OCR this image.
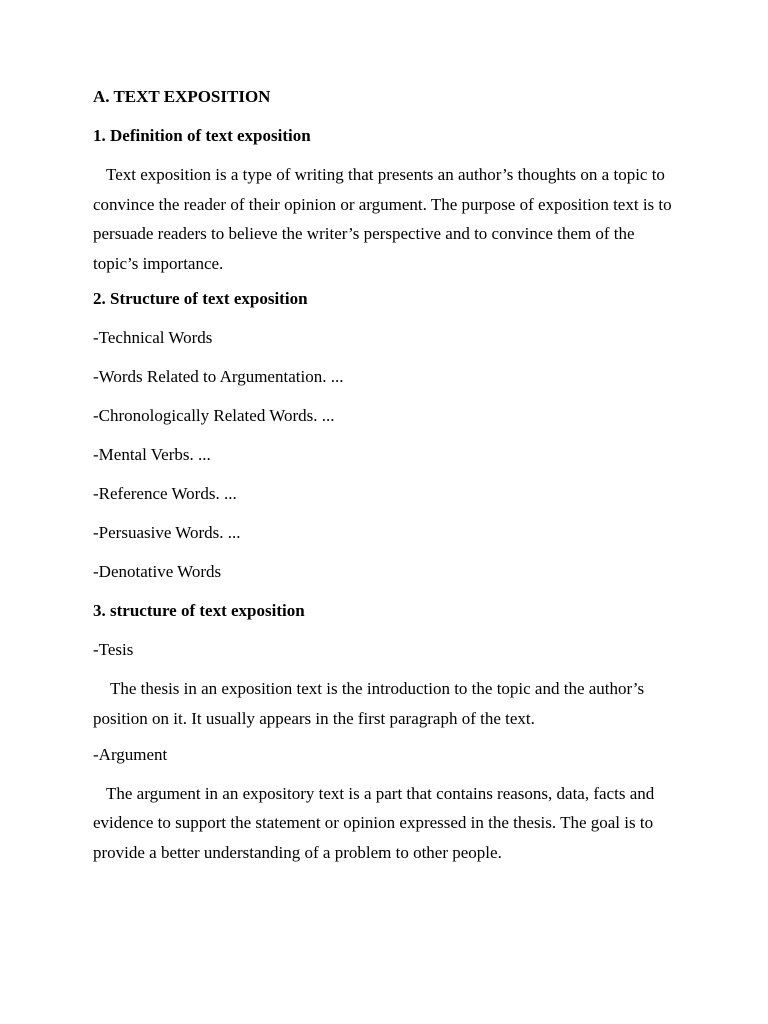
A. TEXT EXPOSITION
1. Definition of text exposition
Text exposition is a type of writing that presents an author’s thoughts on a topic to convince the reader of their opinion or argument. The purpose of exposition text is to persuade readers to believe the writer’s perspective and to convince them of the topic’s importance.
2. Structure of text exposition
-Technical Words
-Words Related to Argumentation. ...
-Chronologically Related Words. ...
-Mental Verbs. ...
-Reference Words. ...
-Persuasive Words. ...
-Denotative Words
3. structure of text exposition
-Tesis
The thesis in an exposition text is the introduction to the topic and the author’s position on it. It usually appears in the first paragraph of the text.
-Argument
The argument in an expository text is a part that contains reasons, data, facts and evidence to support the statement or opinion expressed in the thesis. The goal is to provide a better understanding of a problem to other people.
